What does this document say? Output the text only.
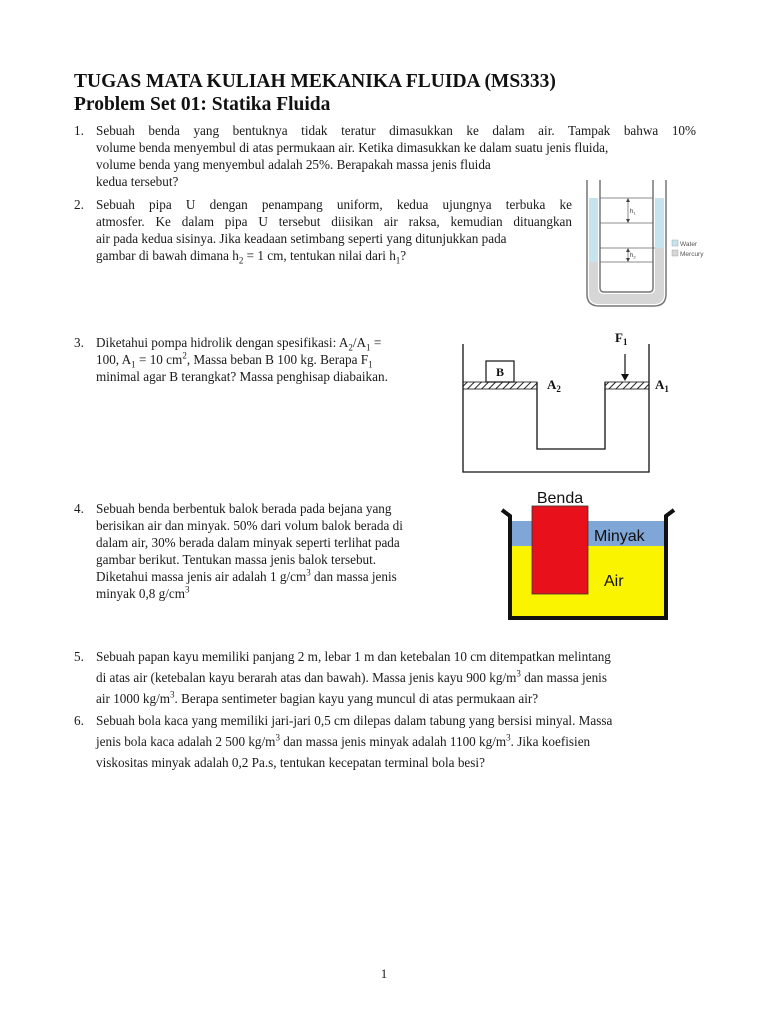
TUGAS MATA KULIAH MEKANIKA FLUIDA (MS333)
Problem Set 01: Statika Fluida
1. Sebuah benda yang bentuknya tidak teratur dimasukkan ke dalam air. Tampak bahwa 10%
volume benda menyembul di atas permukaan air. Ketika dimasukkan ke dalam suatu jenis fluida,
volume benda yang menyembul adalah 25%. Berapakah massa jenis fluida
kedua tersebut?
2. Sebuah pipa U dengan penampang uniform, kedua ujungnya terbuka ke
atmosfer. Ke dalam pipa U tersebut diisikan air raksa, kemudian dituangkan
air pada kedua sisinya. Jika keadaan setimbang seperti yang ditunjukkan pada
gambar di bawah dimana $h_2 = 1$ cm, tentukan nilai dari $h_1$?
$h_1$
$h_2$
Water
Mercury
3. Diketahui pompa hidrolik dengan spesifikasi: $A_2/A_1$ =
100, $A_1 = 10$ $cm^2$, Massa beban B 100 kg. Berapa $F_1$
minimal agar B terangkat? Massa penghisap diabaikan.	B
$F_1$
$A_2$	$A_1$
4. Sebuah benda berbentuk balok berada pada bejana yang
berisikan air dan minyak. 50% dari volum balok berada di
dalam air, 30% berada dalam minyak seperti terlihat pada
gambar berikut. Tentukan massa jenis balok tersebut.
Diketahui massa jenis air adalah 1 $g/cm^3$ dan massa jenis
minyak 0,8 $g/cm^3$
Benda
Minyak
Air
5. Sebuah papan kayu memiliki panjang 2 m, lebar 1 m dan ketebalan 10 cm ditempatkan melintang
di atas air (ketebalan kayu berarah atas dan bawah). Massa jenis kayu 900 $kg/m^3$ dan massa jenis
air 1000 $kg/m^3$. Berapa sentimeter bagian kayu yang muncul di atas permukaan air?
6. Sebuah bola kaca yang memiliki jari-jari 0,5 cm dilepas dalam tabung yang bersisi minyal. Massa
jenis bola kaca adalah 2 500 $kg/m^3$ dan massa jenis minyak adalah 1100 $kg/m^3$. Jika koefisien
viskositas minyak adalah 0,2 Pa.s, tentukan kecepatan terminal bola besi?
1
